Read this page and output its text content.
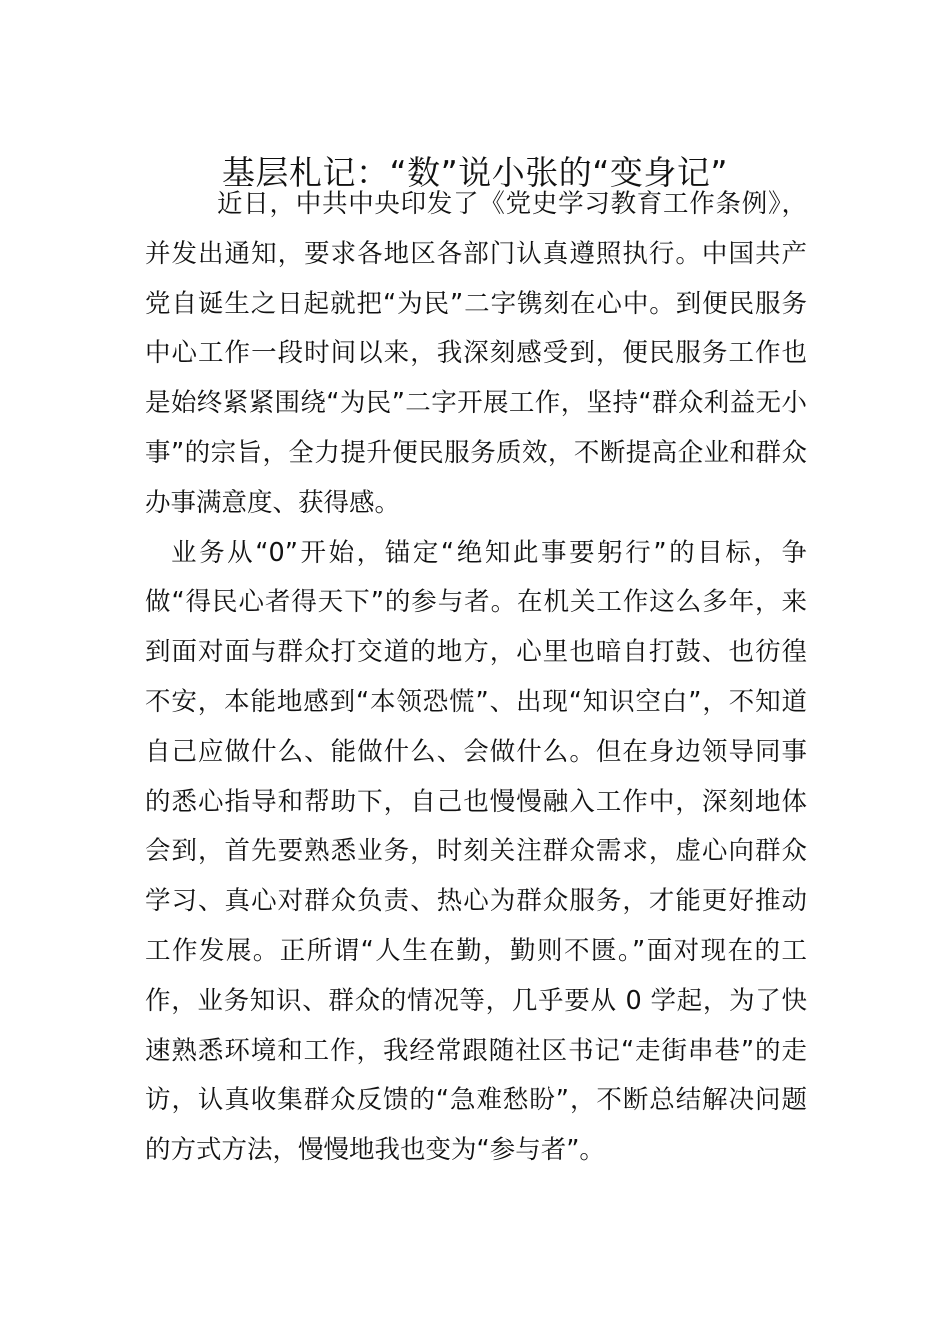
基层札记：“数”说小张的“变身记”

近日，中共中央印发了《党史学习教育工作条例》，并发出通知，要求各地区各部门认真遵照执行。中国共产党自诞生之日起就把“为民”二字镌刻在心中。到便民服务中心工作一段时间以来，我深刻感受到，便民服务工作也是始终紧紧围绕“为民”二字开展工作，坚持“群众利益无小事”的宗旨，全力提升便民服务质效，不断提高企业和群众办事满意度、获得感。

业务从“0”开始，锚定“绝知此事要躬行”的目标，争做“得民心者得天下”的参与者。在机关工作这么多年，来到面对面与群众打交道的地方，心里也暗自打鼓、也彷徨不安，本能地感到“本领恐慌”、出现“知识空白”，不知道自己应做什么、能做什么、会做什么。但在身边领导同事的悉心指导和帮助下，自己也慢慢融入工作中，深刻地体会到，首先要熟悉业务，时刻关注群众需求，虚心向群众学习、真心对群众负责、热心为群众服务，才能更好推动工作发展。正所谓“人生在勤，勤则不匮。”面对现在的工作，业务知识、群众的情况等，几乎要从 0 学起，为了快速熟悉环境和工作，我经常跟随社区书记“走街串巷”的走访，认真收集群众反馈的“急难愁盼”，不断总结解决问题的方式方法，慢慢地我也变为“参与者”。
